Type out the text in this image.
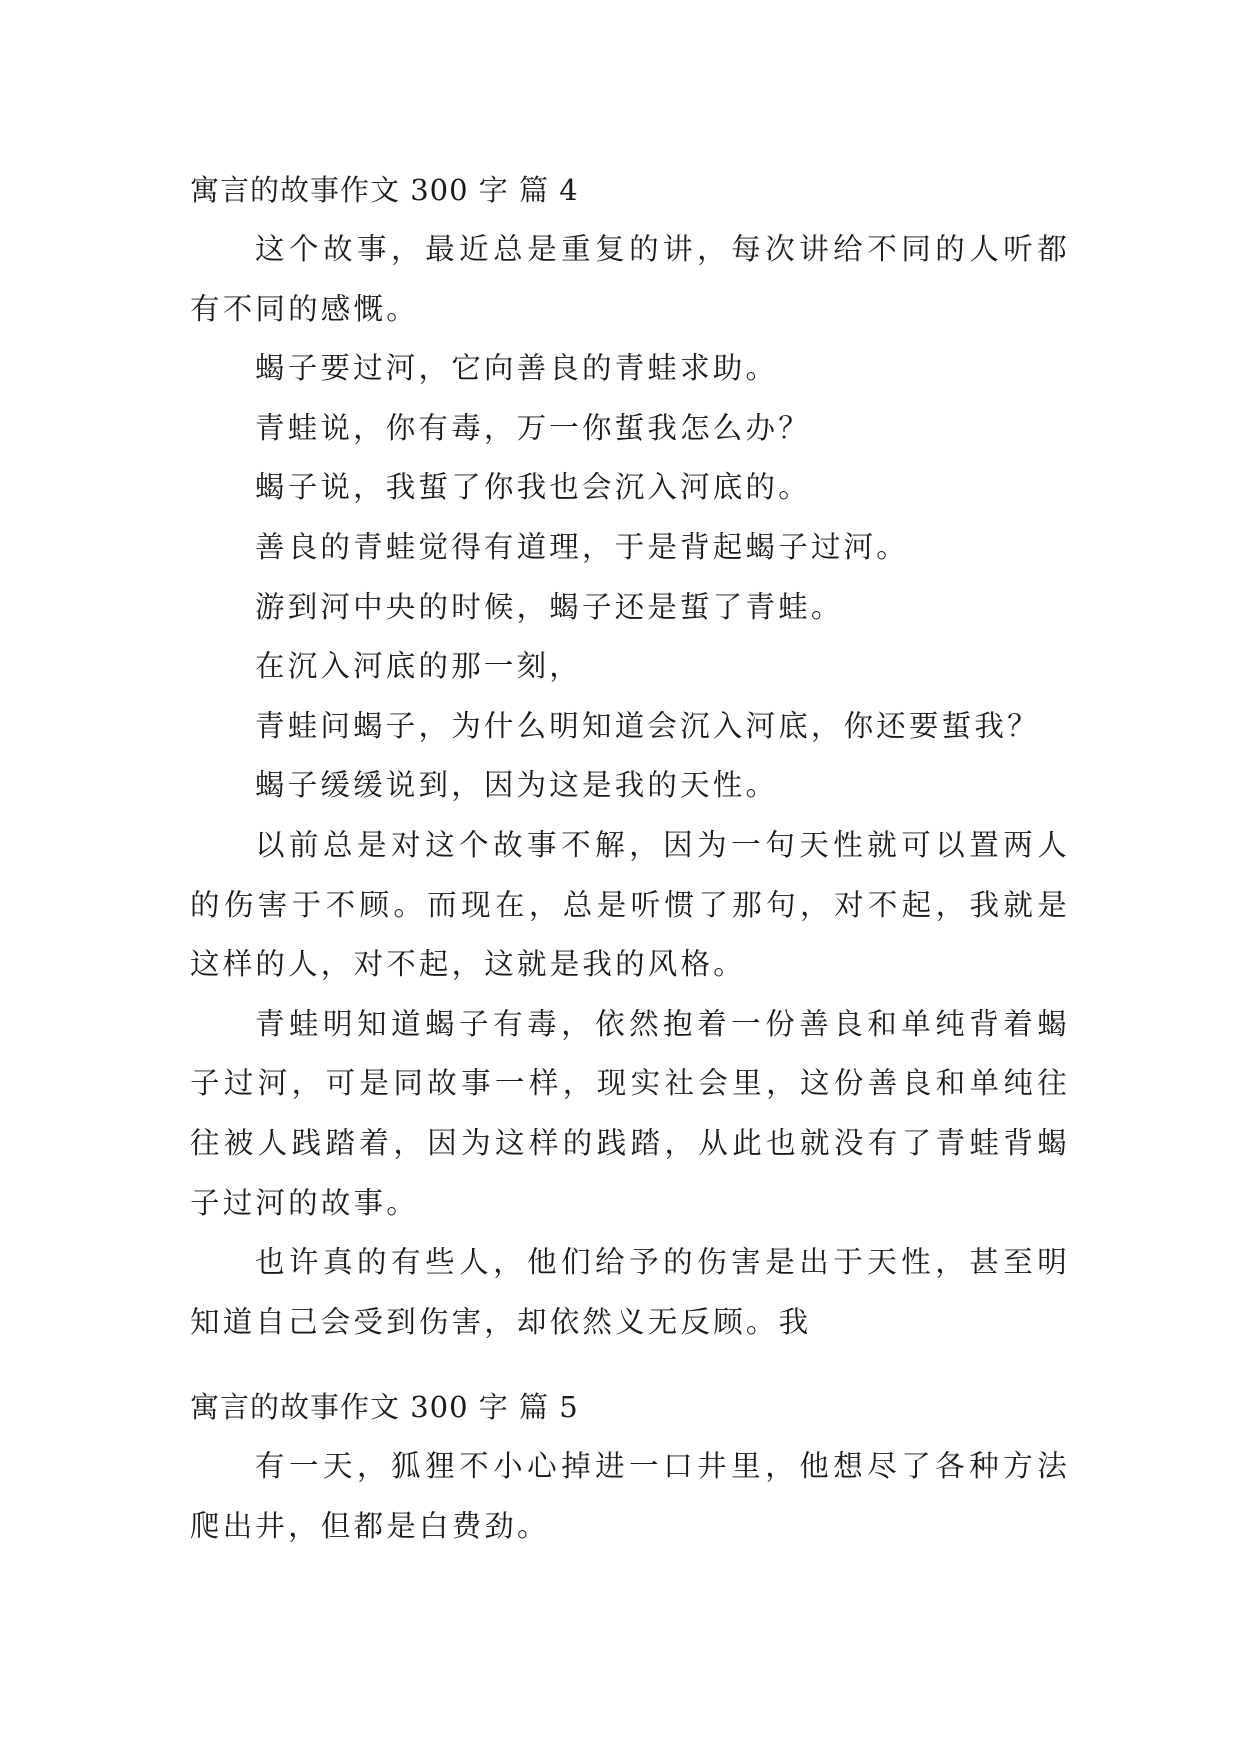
寓言的故事作文 300 字 篇 4

这个故事，最近总是重复的讲，每次讲给不同的人听都有不同的感慨。

蝎子要过河，它向善良的青蛙求助。

青蛙说，你有毒，万一你蜇我怎么办？

蝎子说，我蜇了你我也会沉入河底的。

善良的青蛙觉得有道理，于是背起蝎子过河。

游到河中央的时候，蝎子还是蜇了青蛙。

在沉入河底的那一刻，

青蛙问蝎子，为什么明知道会沉入河底，你还要蜇我？

蝎子缓缓说到，因为这是我的天性。

以前总是对这个故事不解，因为一句天性就可以置两人的伤害于不顾。而现在，总是听惯了那句，对不起，我就是这样的人，对不起，这就是我的风格。

青蛙明知道蝎子有毒，依然抱着一份善良和单纯背着蝎子过河，可是同故事一样，现实社会里，这份善良和单纯往往被人践踏着，因为这样的践踏，从此也就没有了青蛙背蝎子过河的故事。

也许真的有些人，他们给予的伤害是出于天性，甚至明知道自己会受到伤害，却依然义无反顾。我

寓言的故事作文 300 字 篇 5

有一天，狐狸不小心掉进一口井里，他想尽了各种方法爬出井，但都是白费劲。
